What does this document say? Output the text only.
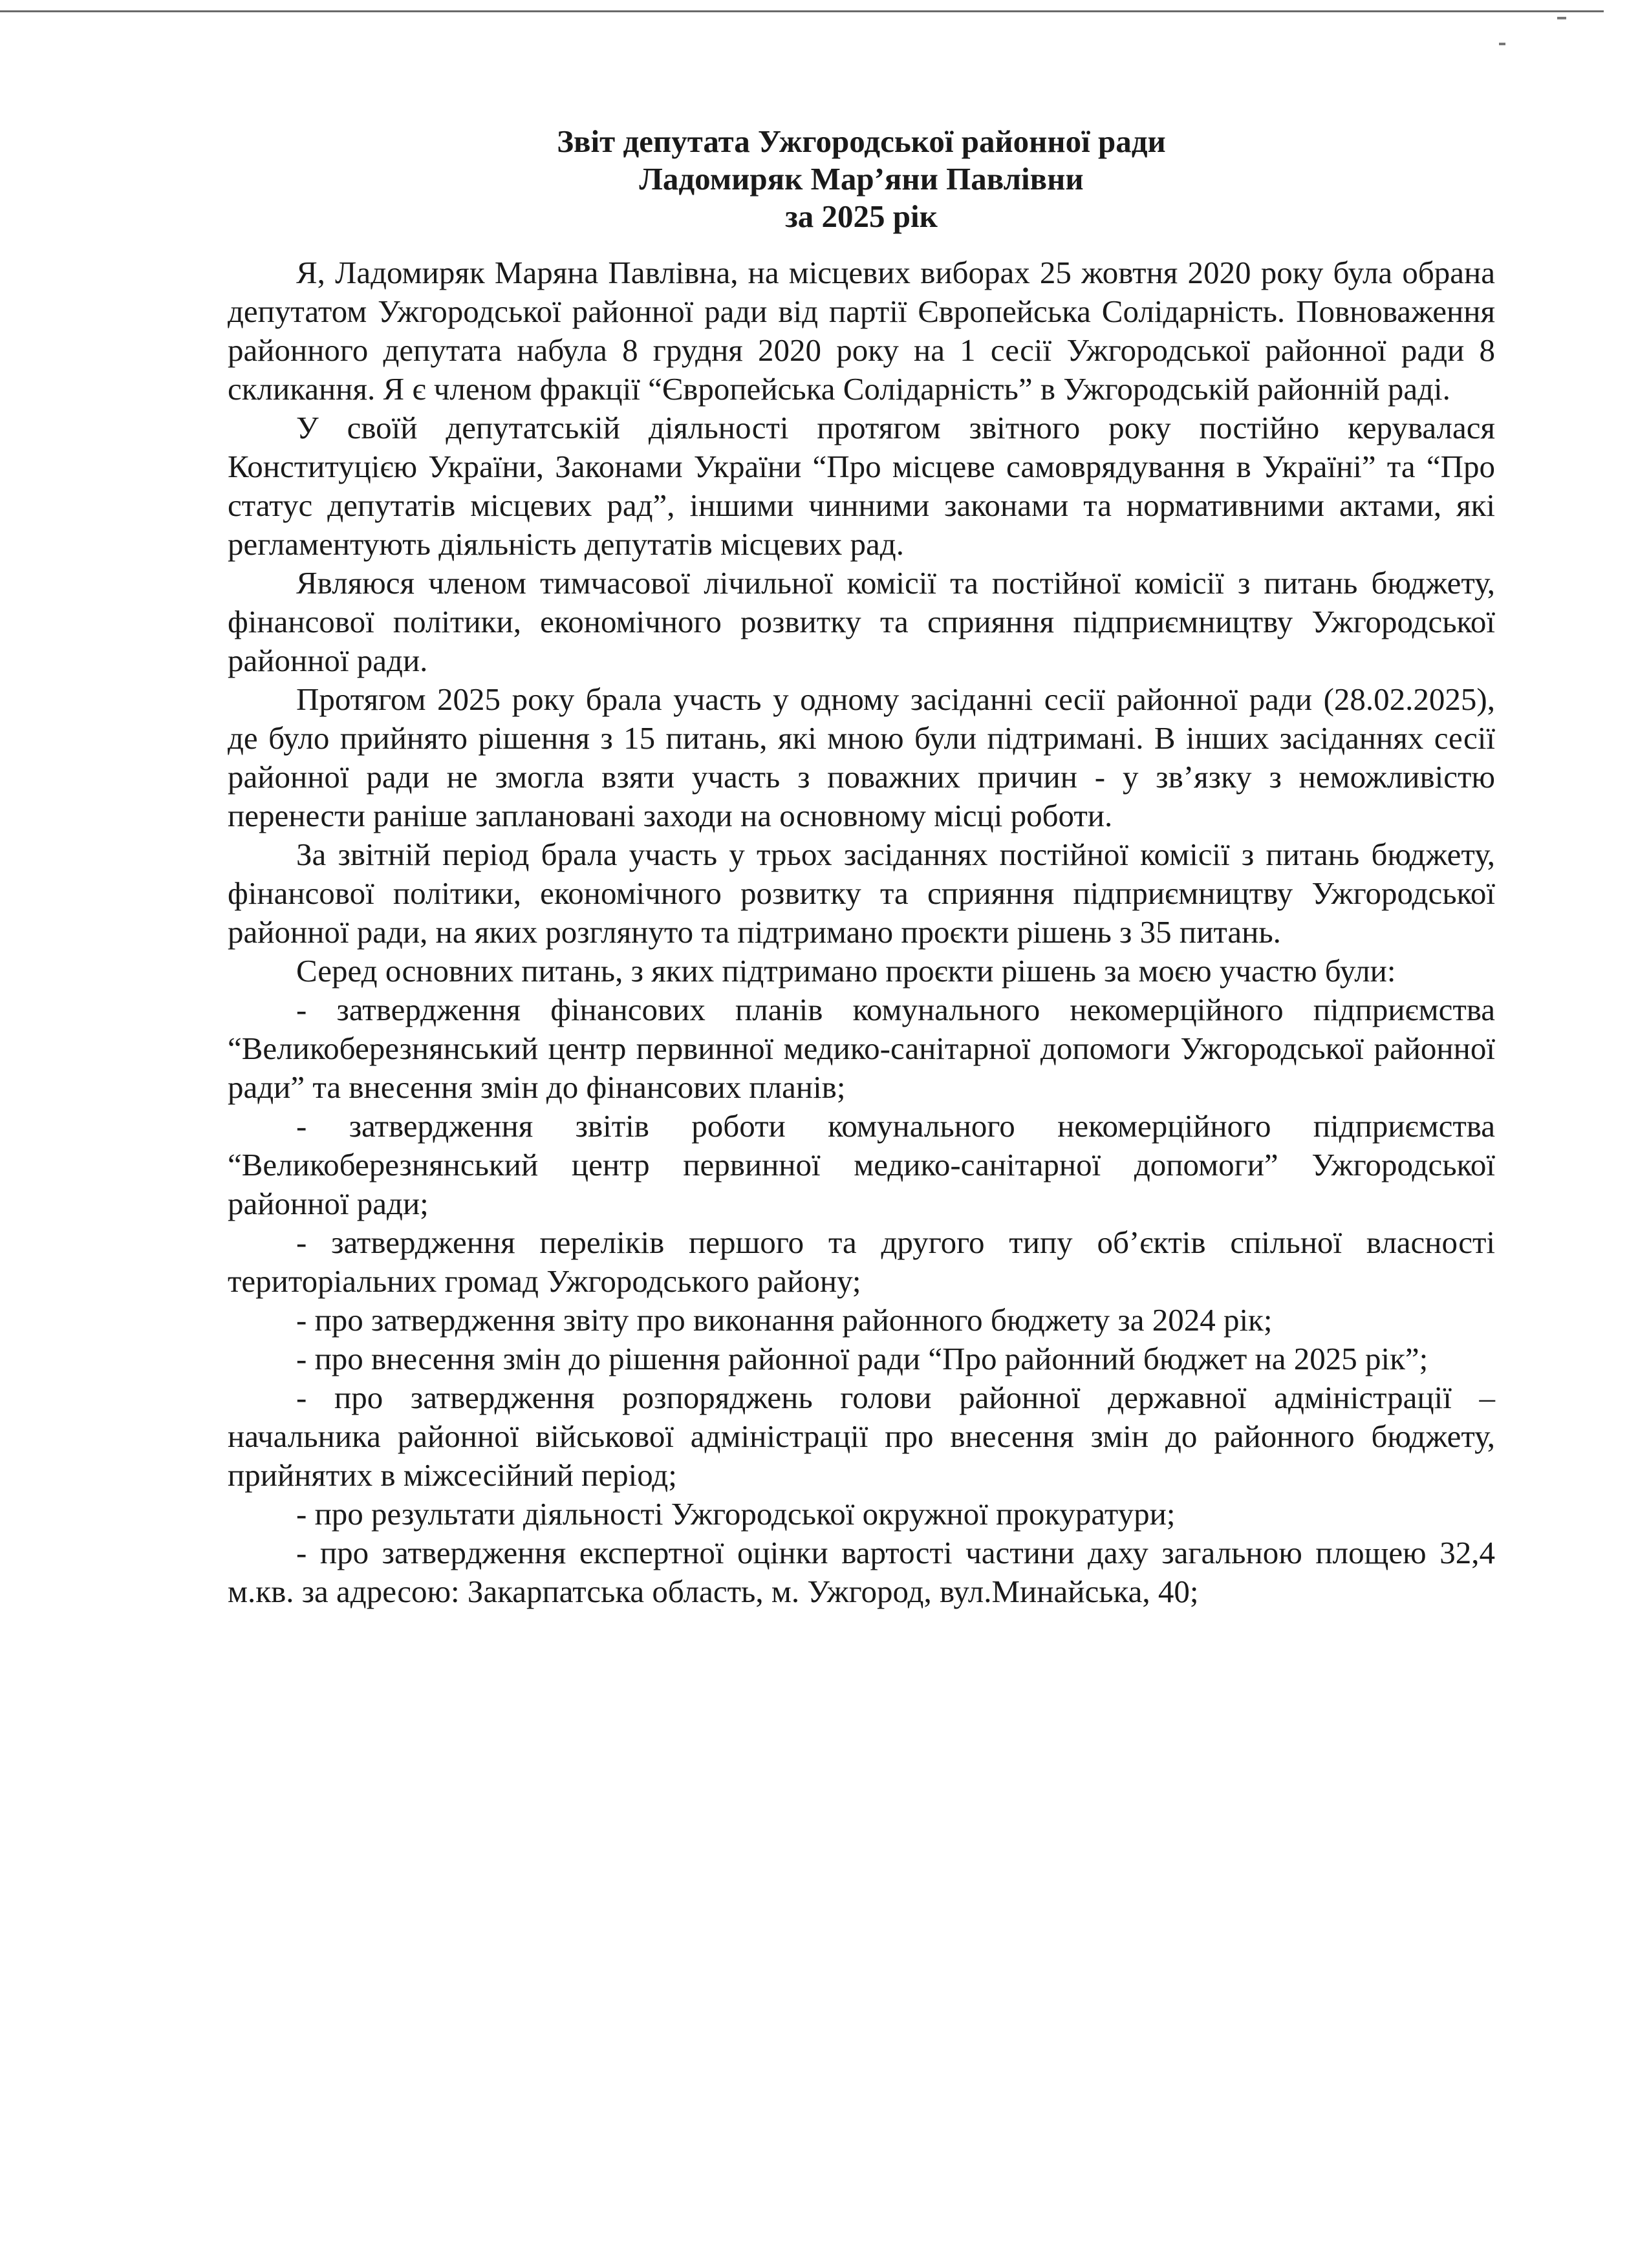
Звіт депутата Ужгородської районної ради
Ладомиряк Мар’яни Павлівни
за 2025 рік

Я, Ладомиряк Маряна Павлівна, на місцевих виборах 25 жовтня 2020 року була обрана депутатом Ужгородської районної ради від партії Європейська Солідарність. Повноваження районного депутата набула 8 грудня 2020 року на 1 сесії Ужгородської районної ради 8 скликання. Я є членом фракції “Європейська Солідарність” в Ужгородській районній раді.

У своїй депутатській діяльності протягом звітного року постійно керувалася Конституцією України, Законами України “Про місцеве самоврядування в Україні” та “Про статус депутатів місцевих рад”, іншими чинними законами та нормативними актами, які регламентують діяльність депутатів місцевих рад.

Являюся членом тимчасової лічильної комісії та постійної комісії з питань бюджету, фінансової політики, економічного розвитку та сприяння підприємництву Ужгородської районної ради.

Протягом 2025 року брала участь у одному засіданні сесії районної ради (28.02.2025), де було прийнято рішення з 15 питань, які мною були підтримані. В інших засіданнях сесії районної ради не змогла взяти участь з поважних причин - у зв’язку з неможливістю перенести раніше заплановані заходи на основному місці роботи.

За звітній період брала участь у трьох засіданнях постійної комісії з питань бюджету, фінансової політики, економічного розвитку та сприяння підприємництву Ужгородської районної ради, на яких розглянуто та підтримано проєкти рішень з 35 питань.

Серед основних питань, з яких підтримано проєкти рішень за моєю участю були:

- затвердження фінансових планів комунального некомерційного підприємства “Великоберезнянський центр первинної медико-санітарної допомоги Ужгородської районної ради” та внесення змін до фінансових планів;

- затвердження звітів роботи комунального некомерційного підприємства “Великоберезнянський центр первинної медико-санітарної допомоги” Ужгородської районної ради;

- затвердження переліків першого та другого типу об’єктів спільної власності територіальних громад Ужгородського району;

- про затвердження звіту про виконання районного бюджету за 2024 рік;

- про внесення змін до рішення районної ради “Про районний бюджет на 2025 рік”;

- про затвердження розпоряджень голови районної державної адміністрації – начальника районної військової адміністрації про внесення змін до районного бюджету, прийнятих в міжсесійний період;

- про результати діяльності Ужгородської окружної прокуратури;

- про затвердження експертної оцінки вартості частини даху загальною площею 32,4 м.кв. за адресою: Закарпатська область, м. Ужгород, вул.Минайська, 40;
